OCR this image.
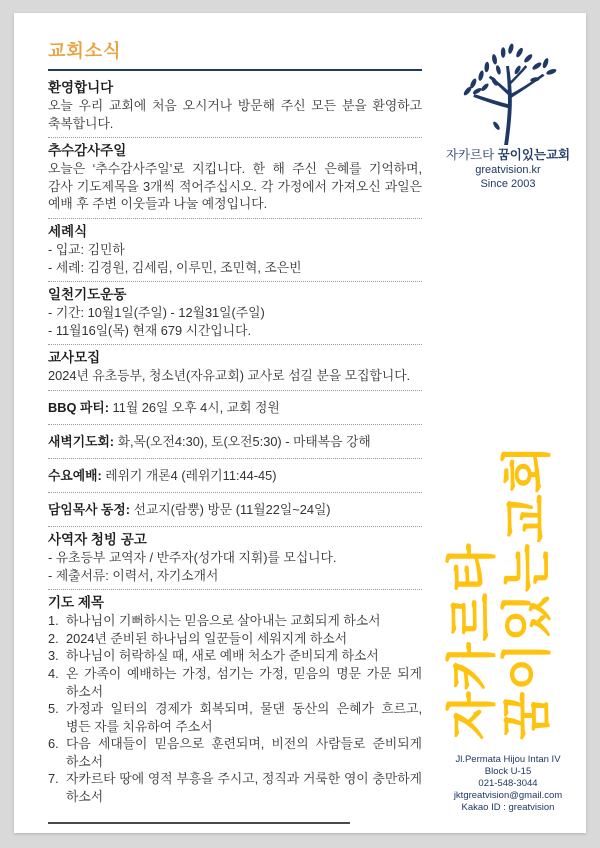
교회소식
환영합니다
오늘 우리 교회에 처음 오시거나 방문해 주신 모든 분을 환영하고 축복합니다.
추수감사주일
오늘은 ‘추수감사주일’로 지킵니다. 한 해 주신 은혜를 기억하며, 감사 기도제목을 3개씩 적어주십시오. 각 가정에서 가져오신 과일은 예배 후 주변 이웃들과 나눌 예정입니다.
세례식
- 입교: 김민하
- 세례: 김경원, 김세림, 이루민, 조민혁, 조은빈
일천기도운동
- 기간: 10월1일(주일) - 12월31일(주일)
- 11월16일(목) 현재 679 시간입니다.
교사모집
2024년 유초등부, 청소년(자유교회) 교사로 섬길 분을 모집합니다.
BBQ 파티: 11월 26일 오후 4시, 교회 정원
새벽기도회: 화,목(오전4:30), 토(오전5:30) - 마태복음 강해
수요예배: 레위기 개론4 (레위기11:44-45)
담임목사 동정: 선교지(람뿡) 방문 (11월22일~24일)
사역자 청빙 공고
- 유초등부 교역자 / 반주자(성가대 지휘)를 모십니다.
- 제출서류: 이력서, 자기소개서
기도 제목
1. 하나님이 기뻐하시는 믿음으로 살아내는 교회되게 하소서
2. 2024년 준비된 하나님의 일꾼들이 세워지게 하소서
3. 하나님이 허락하실 때, 새로 예배 처소가 준비되게 하소서
4. 온 가족이 예배하는 가정, 섬기는 가정, 믿음의 명문 가문 되게 하소서
5. 가정과 일터의 경제가 회복되며, 물댄 동산의 은혜가 흐르고, 병든 자를 치유하여 주소서
6. 다음 세대들이 믿음으로 훈련되며, 비전의 사람들로 준비되게 하소서
7. 자카르타 땅에 영적 부흥을 주시고, 정직과 거룩한 영이 충만하게 하소서
자카르타 꿈이있는교회
greatvision.kr
Since 2003
자카르타 꿈이있는교회
Jl.Permata Hijou Intan IV
Block U-15
021-548-3044
jktgreatvision@gmail.com
Kakao ID : greatvision
